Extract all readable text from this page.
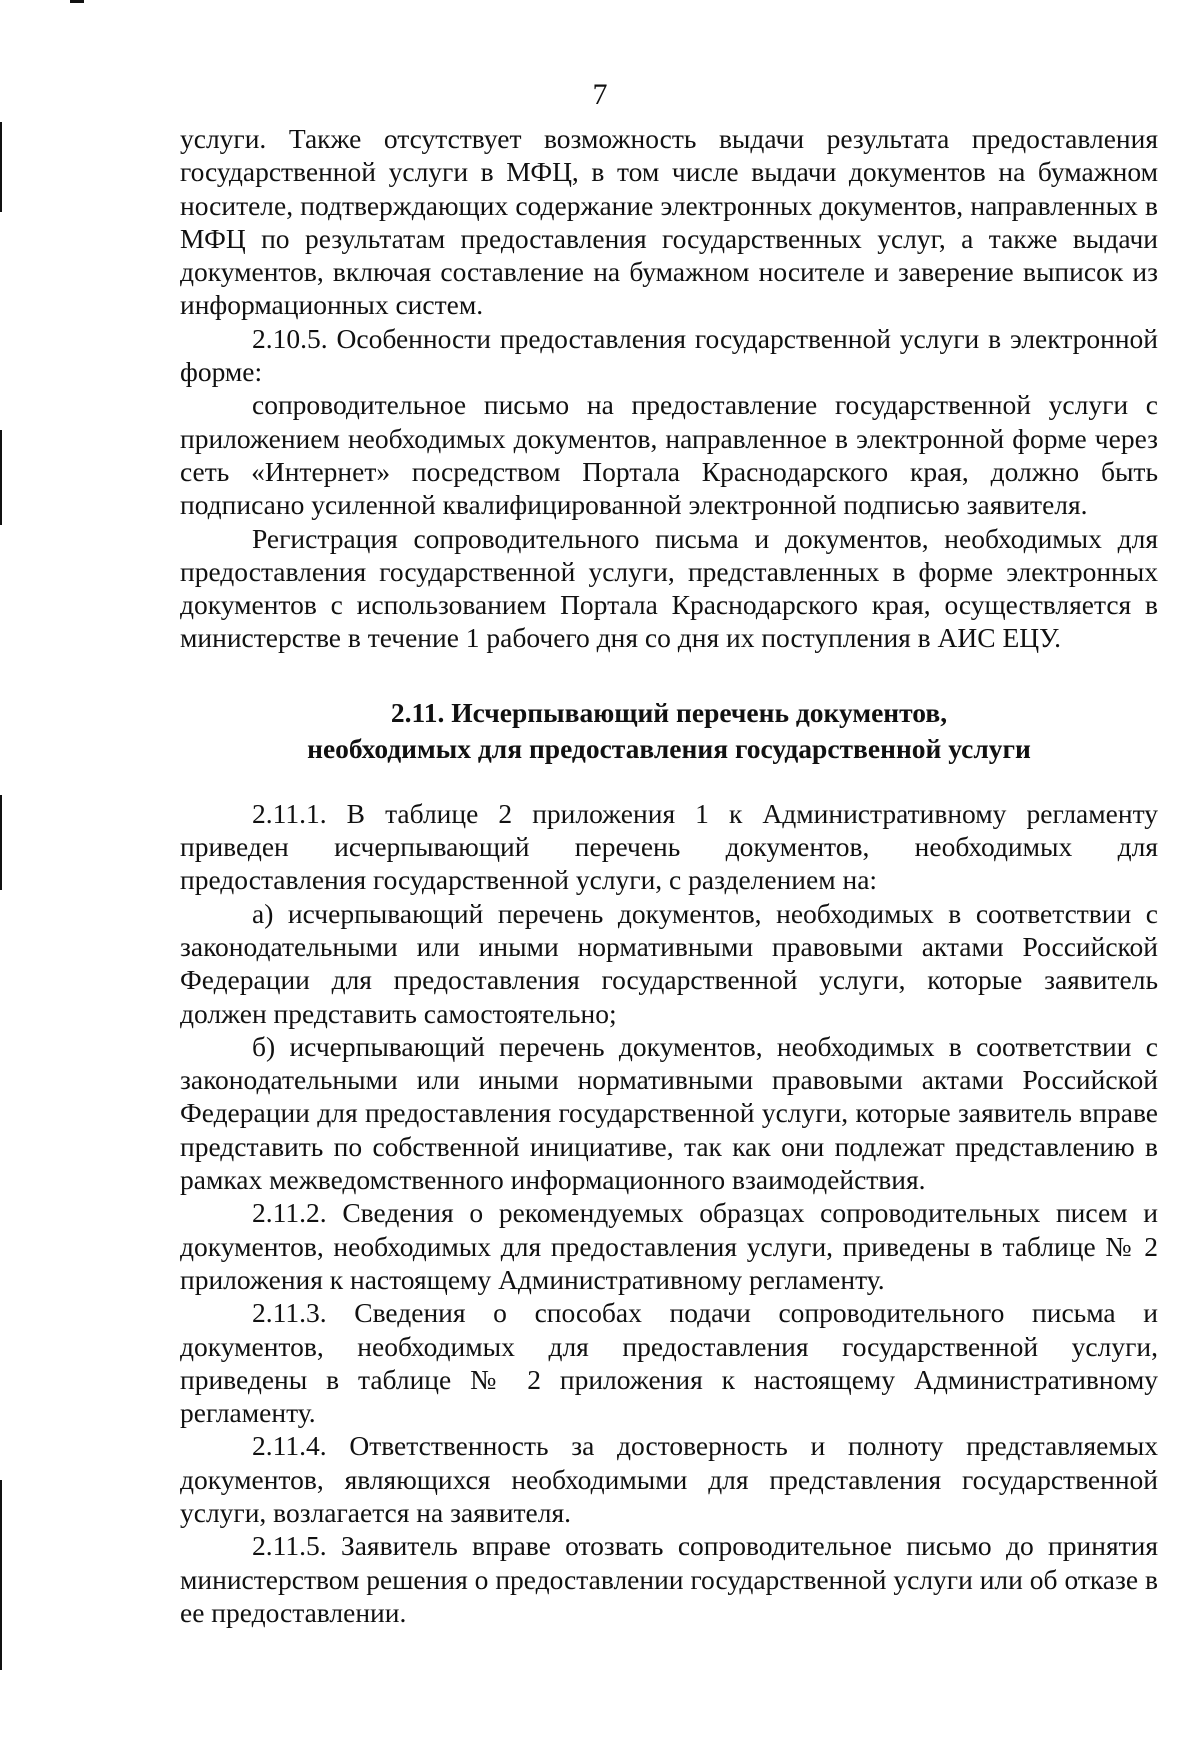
7

услуги. Также отсутствует возможность выдачи результата предоставления государственной услуги в МФЦ, в том числе выдачи документов на бумажном носителе, подтверждающих содержание электронных документов, направленных в МФЦ по результатам предоставления государственных услуг, а также выдачи документов, включая составление на бумажном носителе и заверение выписок из информационных систем.

2.10.5. Особенности предоставления государственной услуги в электронной форме:

сопроводительное письмо на предоставление государственной услуги с приложением необходимых документов, направленное в электронной форме через сеть «Интернет» посредством Портала Краснодарского края, должно быть подписано усиленной квалифицированной электронной подписью заявителя.

Регистрация сопроводительного письма и документов, необходимых для предоставления государственной услуги, представленных в форме электронных документов с использованием Портала Краснодарского края, осуществляется в министерстве в течение 1 рабочего дня со дня их поступления в АИС ЕЦУ.

2.11. Исчерпывающий перечень документов,
необходимых для предоставления государственной услуги

2.11.1. В таблице 2 приложения 1 к Административному регламенту приведен исчерпывающий перечень документов, необходимых для предоставления государственной услуги, с разделением на:

а) исчерпывающий перечень документов, необходимых в соответствии с законодательными или иными нормативными правовыми актами Российской Федерации для предоставления государственной услуги, которые заявитель должен представить самостоятельно;

б) исчерпывающий перечень документов, необходимых в соответствии с законодательными или иными нормативными правовыми актами Российской Федерации для предоставления государственной услуги, которые заявитель вправе представить по собственной инициативе, так как они подлежат представлению в рамках межведомственного информационного взаимодействия.

2.11.2. Сведения о рекомендуемых образцах сопроводительных писем и документов, необходимых для предоставления услуги, приведены в таблице № 2 приложения к настоящему Административному регламенту.

2.11.3. Сведения о способах подачи сопроводительного письма и документов, необходимых для предоставления государственной услуги, приведены в таблице № 2 приложения к настоящему Административному регламенту.

2.11.4. Ответственность за достоверность и полноту представляемых документов, являющихся необходимыми для представления государственной услуги, возлагается на заявителя.

2.11.5. Заявитель вправе отозвать сопроводительное письмо до принятия министерством решения о предоставлении государственной услуги или об отказе в ее предоставлении.
